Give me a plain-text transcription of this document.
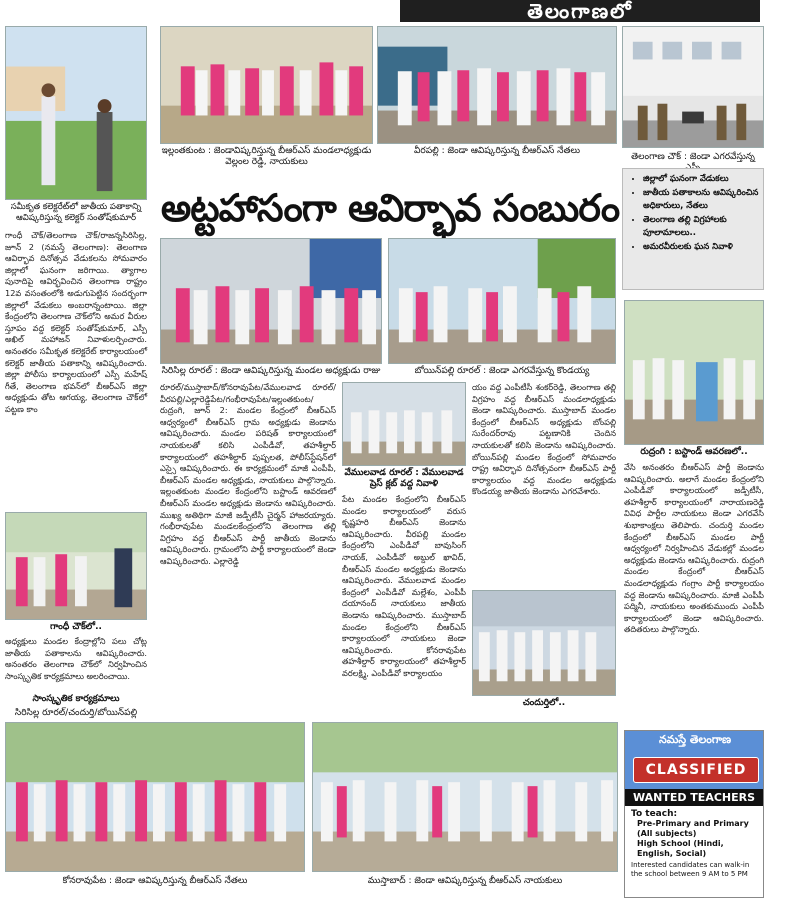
తెలంగాణలో
సమీకృత కలెక్టరేట్‌లో జాతీయ పతాకాన్ని ఆవిష్కరిస్తున్న కలెక్టర్ సంతోష్‌కుమార్
ఇల్లంతకుంట : జెండావిష్కరిస్తున్న బీఆర్‌ఎస్ మండలాధ్యక్షుడు వెల్లంల రెడ్డి, నాయకులు
వీరపల్లి : జెండా ఆవిష్కరిస్తున్న బీఆర్‌ఎస్ నేతలు
తెలంగాణ చౌక్ : జెండా ఎగరవేస్తున్న
అట్టహాసంగా ఆవిర్భావ సంబురం
• జిల్లాలో ఘనంగా వేడుకలు
• జాతీయ పతాకాలను ఆవిష్కరించిన అధికారులు, నేతలు
• తెలంగాణ తల్లి విగ్రహాలకు పూలామాలలు..
• అమరవీరులకు ఘన నివాళి
గాంధీ చౌక్/తెలంగాణ చౌక్/రాజన్నసిరిసిల్ల, జూన్ 2 (నమస్తే తెలంగాణ): తెలంగాణ ఆవిర్భావ దినోత్సవ వేడుకలను సోమవారం జిల్లాలో ఘనంగా జరిగాయి. త్యాగాల పునాదిపై ఆవిర్భవించిన తెలంగాణ రాష్ట్రం 12వ వసంతంలోకి అడుగుపెట్టిన సందర్భంగా జిల్లాలో వేడుకలు అంబరాన్నంటాయి. జిల్లా కేంద్రంలోని తెలంగాణ చౌక్‌లోని అమర వీరుల స్తూపం వద్ద కలెక్టర్ సంతోష్‌కుమార్, ఎస్పీ అఖిల్ మహాజన్ నివాళులర్పించారు. అనంతరం సమీకృత కలెక్టరేట్ కార్యాలయంలో కలెక్టర్ జాతీయ పతాకాన్ని ఆవిష్కరించారు. జిల్లా పోలీసు కార్యాలయంలో ఎస్పీ మహేష్ గీతే, తెలంగాణ భవన్‌లో బీఆర్‌ఎస్ జిల్లా అధ్యక్షుడు తోట ఆగయ్య, తెలంగాణ చౌక్‌లో పట్టణ కాం
గాంధీ చౌక్‌లో..
అధ్యక్షులు మండల కేంద్రాల్లోని పలు చోట్ల జాతీయ పతాకాలను ఆవిష్కరించారు. అనంతరం తెలంగాణ చౌక్‌లో నిర్వహించిన సాంస్కృతిక కార్యక్రమాలు అలరించాయి.
సాంస్కృతిక కార్యక్రమాలు
సిరిసిల్ల రూరల్/చందుర్తి/బోయిన్‌పల్లి
సిరిసిల్ల రూరల్ : జెండా ఆవిష్కరిస్తున్న మండల అధ్యక్షుడు రాజు	బోయిన్‌పల్లి రూరల్ : జెండా ఎగరవేస్తున్న కొండయ్య
రుద్రంగి : బస్టాండ్ ఆవరణలో..
రూరల్/ముస్తాబాద్/కోనరావుపేట/వేములవాడ రూరల్/వీరపల్లి/ఎల్లారెడ్డిపేట/గంభీరావుపేట/ఇల్లంతకుంట/రుద్రంగి, జూన్ 2: మండల కేంద్రంలో బీఆర్‌ఎస్ ఆధ్వర్యంలో బీఆర్‌ఎస్ గ్రామ అధ్యక్షుడు జెండాను ఆవిష్కరించారు. మండల పరిషత్ కార్యాలయంలో నాయకులతో కలిసి ఎంపీడీవో, తహశీల్దార్ కార్యాలయంలో తహశీల్దార్ పుష్పలత, పోలీస్‌స్టేషన్‌లో ఎస్సై ఆవిష్కరించారు. ఈ కార్యక్రమంలో మాజీ ఎంపీపీ, బీఆర్‌ఎస్ మండల అధ్యక్షుడు, నాయకులు పాల్గొన్నారు. ఇల్లంతకుంట మండల కేంద్రంలోని బస్టాండ్ ఆవరణలో బీఆర్‌ఎస్ మండల అధ్యక్షుడు జెండాను ఆవిష్కరించారు. ముఖ్య అతిథిగా మాజీ జడ్పీటీసీ చైర్మన్ హాజరయ్యారు. గంభీరావుపేట మండలకేంద్రంలోని తెలంగాణ తల్లి విగ్రహం వద్ద బీఆర్‌ఎస్ పార్టీ జాతీయ జెండాను ఆవిష్కరించారు. గ్రామంలోని పార్టీ కార్యాలయంలో జెండా ఆవిష్కరించారు. ఎల్లారెడ్డి
వేములవాడ రూరల్ : వేములవాడ ప్రెస్ క్లబ్ వద్ద నివాళి
పేట మండల కేంద్రంలోని బీఆర్‌ఎస్ మండల కార్యాలయంలో వరుస కృష్ణహరి బీఆర్‌ఎస్ జెండాను ఆవిష్కరించారు. వీరపల్లి మండల కేంద్రంలోని ఎంపీడీవో బావుసింగ్ నాయక్, ఎంపీడీవో అబ్దుల్ ఖావిద్, బీఆర్‌ఎస్ మండల అధ్యక్షుడు జెండాను ఆవిష్కరించారు. వేములవాడ మండల కేంద్రంలో ఎంపీడీవో మల్లేశం, ఎంపీపీ దయానంద్ నాయకులు జాతీయ జెండాను ఆవిష్కరించారు. ముస్తాబాద్ మండల కేంద్రంలోని బీఆర్‌ఎస్ కార్యాలయంలో నాయకులు జెండా ఆవిష్కరించారు. కోనరావుపేట తహశీల్దార్ కార్యాలయంలో తహశీల్దార్ వరలక్ష్మి, ఎంపీడీవో కార్యాలయం
యం వద్ద ఎంపీటీసీ శంకర్‌రెడ్డి, తెలంగాణ తల్లి విగ్రహం వద్ద బీఆర్‌ఎస్ మండలాధ్యక్షుడు జెండా ఆవిష్కరించారు. ముస్తాబాద్ మండల కేంద్రంలో బీఆర్‌ఎస్ అధ్యక్షుడు బోంపల్లి సురేందర్‌రావు పట్టణానికి చెందిన నాయకులతో కలిసి జెండాను ఆవిష్కరించారు. బోయిన్‌పల్లి మండల కేంద్రంలో సోమవారం రాష్ట్ర ఆవిర్భావ దినోత్సవంగా బీఆర్‌ఎస్ పార్టీ కార్యాలయం వద్ద మండల అధ్యక్షుడు కొండయ్య జాతీయ జెండాను ఎగరవేశారు.
చందుర్తిలో..
వేసి అనంతరం బీఆర్‌ఎస్ పార్టీ జెండాను ఆవిష్కరించారు. అలాగే మండల కేంద్రంలోని ఎంపీడీవో కార్యాలయంలో జడ్పీటీసీ, తహశీల్దార్ కార్యాలయంలో నారాయణరెడ్డి వివిధ పార్టీల నాయకులు జెండా ఎగరవేసి శుభాకాంక్షలు తెలిపారు. చందుర్తి మండల కేంద్రంలో బీఆర్‌ఎస్ మండల పార్టీ ఆధ్వర్యంలో నిర్వహించిన వేడుకల్లో మండల అధ్యక్షుడు జెండాను ఆవిష్కరించారు. రుద్రంగి మండల కేంద్రంలో బీఆర్‌ఎస్ మండలాధ్యక్షుడు గంగ్రాం పార్టీ కార్యాలయం వద్ద జెండాను ఆవిష్కరించారు. మాజీ ఎంపీపీ పద్మినీ, నాయకులు అంతకుముందు ఎంపీపీ కార్యాలయంలో జెండా ఆవిష్కరించారు. తదితరులు పాల్గొన్నారు.
కోనరావుపేట : జెండా ఆవిష్కరిస్తున్న బీఆర్‌ఎస్ నేతలు	ముస్తాబాద్ : జెండా ఆవిష్కరిస్తున్న బీఆర్‌ఎస్ నాయకులు
నమస్తే తెలంగాణ
CLASSIFIED
WANTED TEACHERS
To teach:
Pre-Primary and Primary (All subjects)
High School (Hindi, English, Social)
Interested candidates can walk-in the school between 9 AM to 5 PM
